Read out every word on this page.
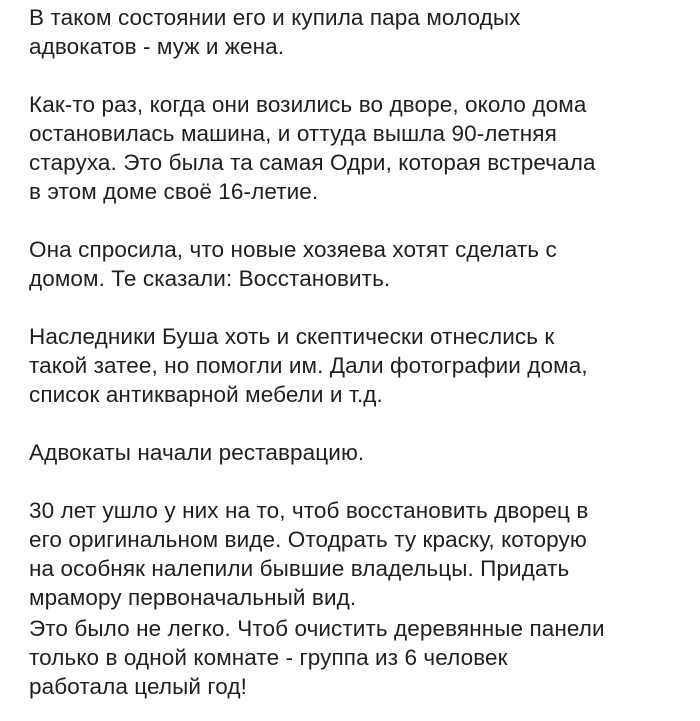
В таком состоянии его и купила пара молодых
адвокатов - муж и жена.

Как-то раз, когда они возились во дворе, около дома
остановилась машина, и оттуда вышла 90-летняя
старуха. Это была та самая Одри, которая встречала
в этом доме своё 16-летие.

Она спросила, что новые хозяева хотят сделать с
домом. Те сказали: Восстановить.

Наследники Буша хоть и скептически отнеслись к
такой затее, но помогли им. Дали фотографии дома,
список антикварной мебели и т.д.

Адвокаты начали реставрацию.

30 лет ушло у них на то, чтоб восстановить дворец в
его оригинальном виде. Отодрать ту краску, которую
на особняк налепили бывшие владельцы. Придать
мрамору первоначальный вид.

Это было не легко. Чтоб очистить деревянные панели
только в одной комнате - группа из 6 человек
работала целый год!
